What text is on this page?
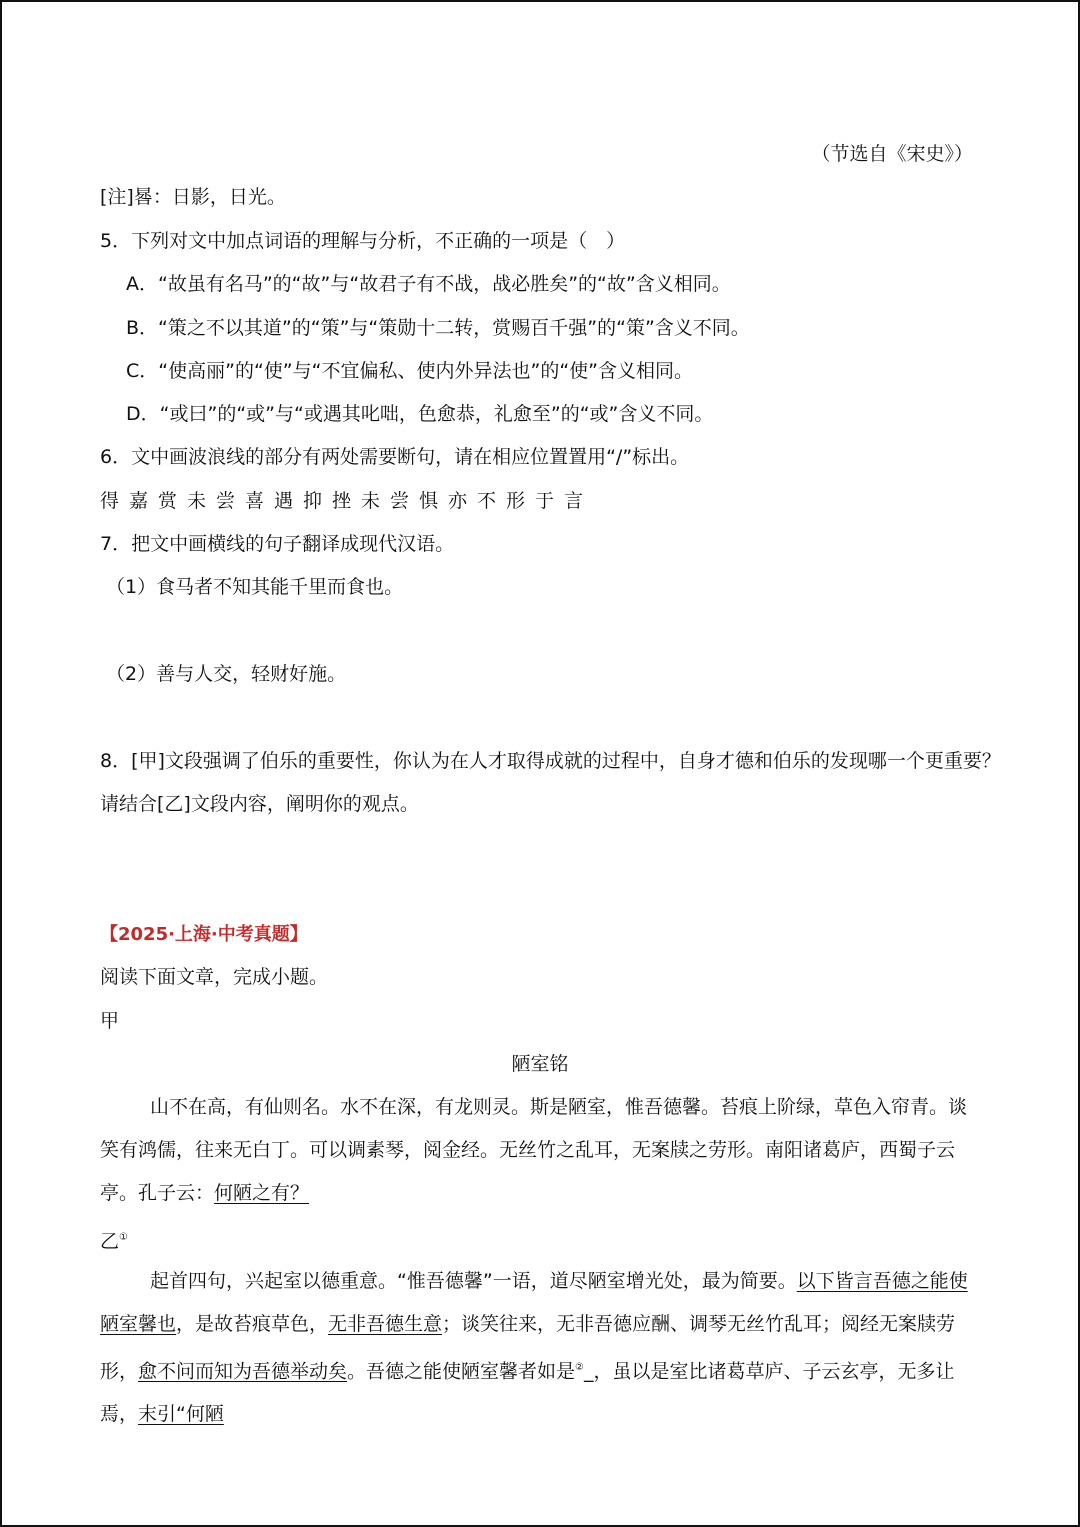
（节选自《宋史》）
[注]晷：日影，日光。
5．下列对文中加点词语的理解与分析，不正确的一项是（　）
A．“故虽有名马”的“故”与“故君子有不战，战必胜矣”的“故”含义相同。
B．“策之不以其道”的“策”与“策勋十二转，赏赐百千强”的“策”含义不同。
C．“使高丽”的“使”与“不宜偏私、使内外异法也”的“使”含义相同。
D．“或曰”的“或”与“或遇其叱咄，色愈恭，礼愈至”的“或”含义不同。
6．文中画波浪线的部分有两处需要断句，请在相应位置置用“/”标出。
得嘉赏未尝喜遇抑挫未尝惧亦不形于言
7．把文中画横线的句子翻译成现代汉语。
（1）食马者不知其能千里而食也。
（2）善与人交，轻财好施。
8．[甲]文段强调了伯乐的重要性，你认为在人才取得成就的过程中，自身才德和伯乐的发现哪一个更重要？
请结合[乙]文段内容，阐明你的观点。
【2025·上海·中考真题】
阅读下面文章，完成小题。
甲
陋室铭
山不在高，有仙则名。水不在深，有龙则灵。斯是陋室，惟吾德馨。苔痕上阶绿，草色入帘青。谈笑有鸿儒，往来无白丁。可以调素琴，阅金经。无丝竹之乱耳，无案牍之劳形。南阳诸葛庐，西蜀子云亭。孔子云：何陋之有？
乙①
起首四句，兴起室以德重意。“惟吾德馨”一语，道尽陋室增光处，最为简要。以下皆言吾德之能使陋室馨也，是故苔痕草色，无非吾德生意；谈笑往来，无非吾德应酬、调琴无丝竹乱耳；阅经无案牍劳形，愈不问而知为吾德举动矣。吾德之能使陋室馨者如是②_，虽以是室比诸葛草庐、子云玄亭，无多让焉，末引“何陋
